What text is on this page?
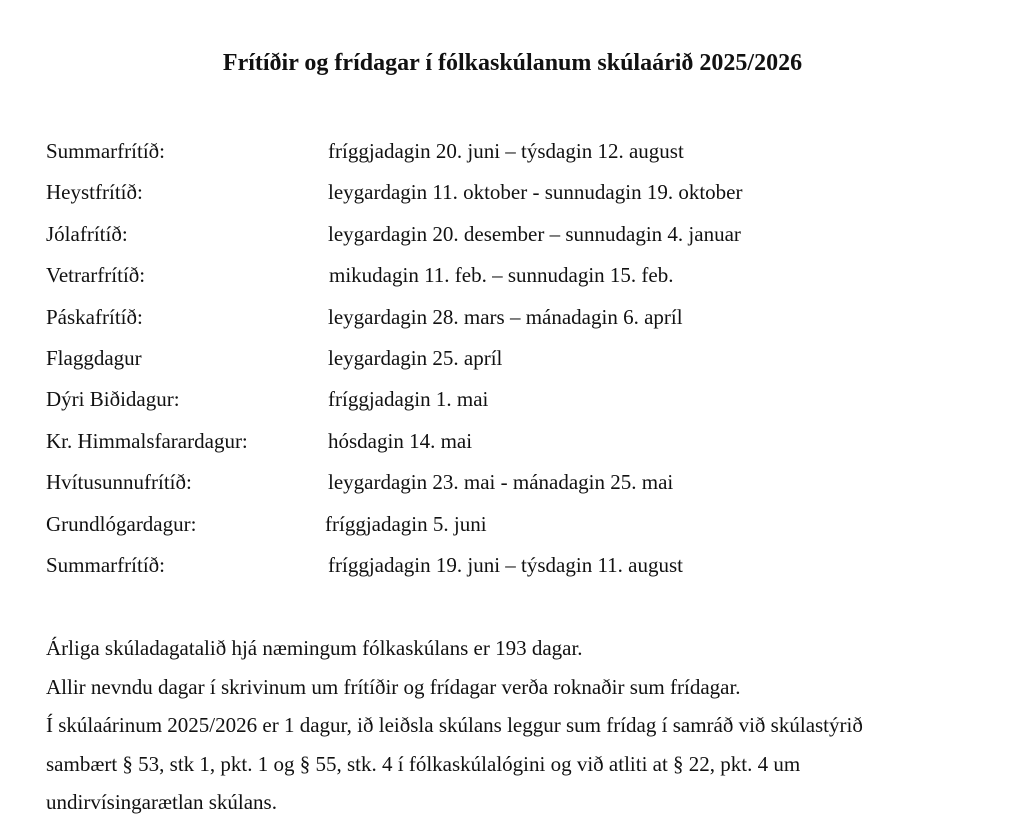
Frítíðir og frídagar í fólkaskúlanum skúlaárið 2025/2026
Summarfrítíð:	fríggjadagin 20. juni – týsdagin 12. august
Heystfrítíð:	leygardagin 11. oktober - sunnudagin 19. oktober
Jólafrítíð:	leygardagin 20. desember – sunnudagin 4. januar
Vetrarfrítíð:	mikudagin 11. feb. – sunnudagin 15. feb.
Páskafrítíð:	leygardagin 28. mars – mánadagin 6. apríl
Flaggdagur	leygardagin 25. apríl
Dýri Biðidagur:	fríggjadagin 1. mai
Kr. Himmalsfarardagur:	hósdagin 14. mai
Hvítusunnufrítíð:	leygardagin 23. mai - mánadagin 25. mai
Grundlógardagur:	fríggjadagin 5. juni
Summarfrítíð:	fríggjadagin 19. juni – týsdagin 11. august
Árliga skúladagatalið hjá næmingum fólkaskúlans er 193 dagar.
Allir nevndu dagar í skrivinum um frítíðir og frídagar verða roknaðir sum frídagar.
Í skúlaárinum 2025/2026 er 1 dagur, ið leiðsla skúlans leggur sum frídag í samráð við skúlastýrið
sambært § 53, stk 1, pkt. 1 og § 55, stk. 4 í fólkaskúlalógini og við atliti at § 22, pkt. 4 um
undirvísingarætlan skúlans.
